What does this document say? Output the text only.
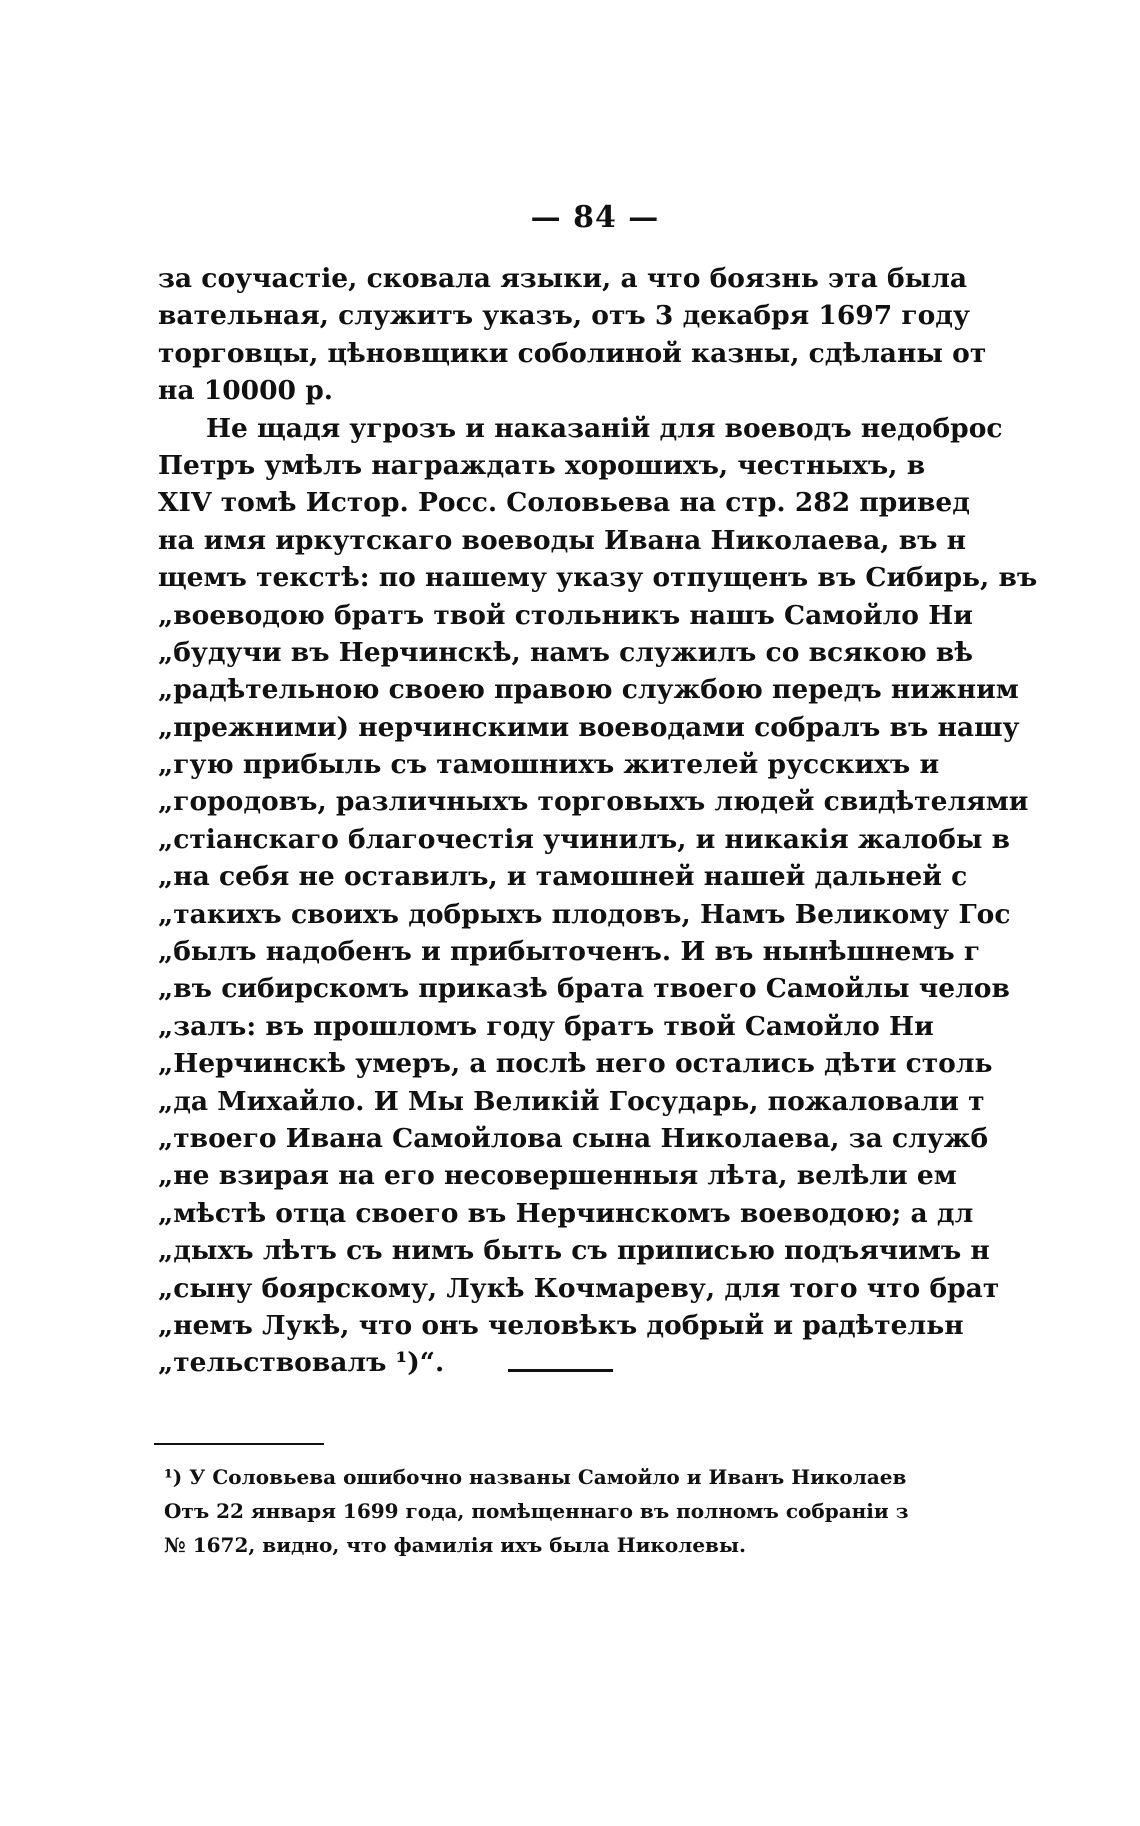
— 84 —
за соучастіе, сковала языки, а что боязнь эта была
вательная, служитъ указъ, отъ 3 декабря 1697 году
торговцы, цѣновщики соболиной казны, сдѣланы от
на 10000 р.
Не щадя угрозъ и наказаній для воеводъ недоброс
Петръ умѣлъ награждать хорошихъ, честныхъ, в
XIV томѣ Истор. Росс. Соловьева на стр. 282 привед
на имя иркутскаго воеводы Ивана Николаева, въ н
щемъ текстѣ: по нашему указу отпущенъ въ Сибирь, въ
„воеводою братъ твой стольникъ нашъ Самойло Ни
„будучи въ Нерчинскѣ, намъ служилъ со всякою вѣ
„радѣтельною своею правою службою передъ нижним
„прежними) нерчинскими воеводами собралъ въ нашу
„гую прибыль съ тамошнихъ жителей русскихъ и
„городовъ, различныхъ торговыхъ людей свидѣтелями
„стіанскаго благочестія учинилъ, и никакія жалобы в
„на себя не оставилъ, и тамошней нашей дальней с
„такихъ своихъ добрыхъ плодовъ, Намъ Великому Гос
„былъ надобенъ и прибыточенъ. И въ нынѣшнемъ г
„въ сибирскомъ приказѣ брата твоего Самойлы челов
„залъ: въ прошломъ году братъ твой Самойло Ни
„Нерчинскѣ умеръ, а послѣ него остались дѣти столь
„да Михайло. И Мы Великій Государь, пожаловали т
„твоего Ивана Самойлова сына Николаева, за служб
„не взирая на его несовершенныя лѣта, велѣли ем
„мѣстѣ отца своего въ Нерчинскомъ воеводою; а дл
„дыхъ лѣтъ съ нимъ быть съ приписью подъячимъ н
„сыну боярскому, Лукѣ Кочмареву, для того что брат
„немъ Лукѣ, что онъ человѣкъ добрый и радѣтельн
„тельствовалъ ¹)“.
¹) У Соловьева ошибочно названы Самойло и Иванъ Николаев
Отъ 22 января 1699 года, помѣщеннаго въ полномъ собраніи з
№ 1672, видно, что фамилія ихъ была Николевы.
